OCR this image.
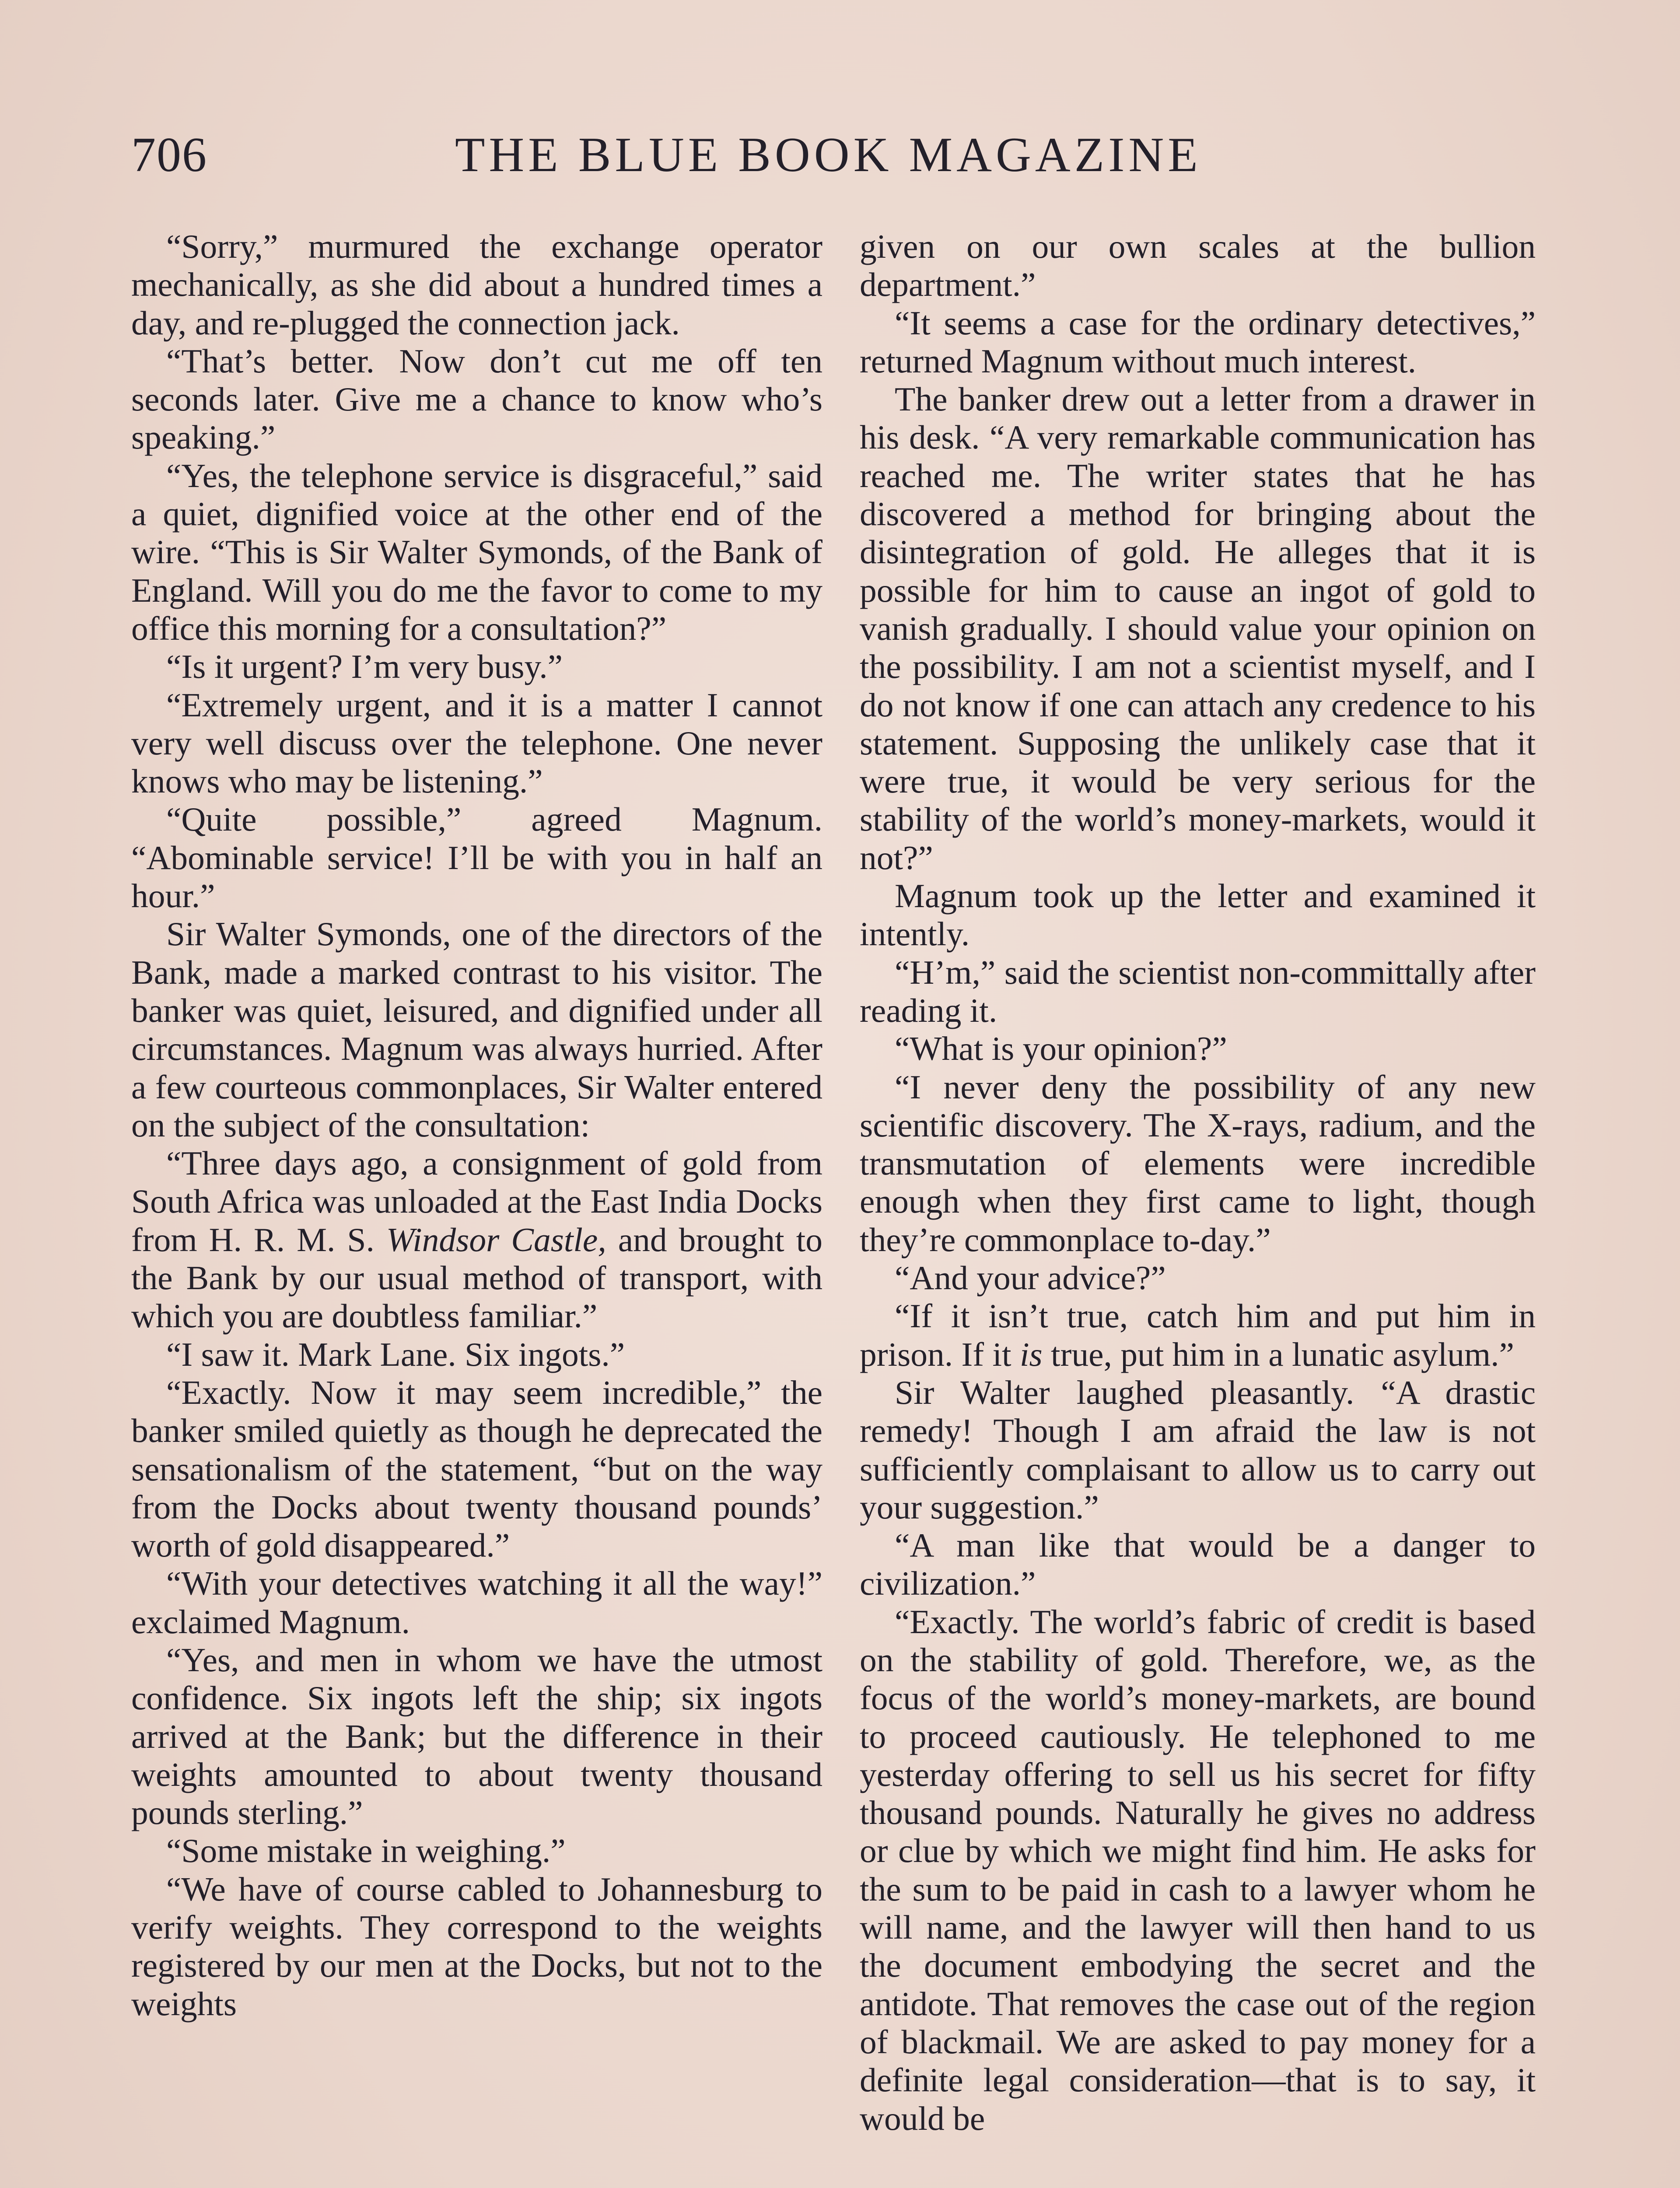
706	THE BLUE BOOK MAGAZINE

“Sorry,” murmured the exchange operator mechanically, as she did about a hundred times a day, and re-plugged the connection jack.

“That’s better. Now don’t cut me off ten seconds later. Give me a chance to know who’s speaking.”

“Yes, the telephone service is disgraceful,” said a quiet, dignified voice at the other end of the wire. “This is Sir Walter Symonds, of the Bank of England. Will you do me the favor to come to my office this morning for a consultation?”

“Is it urgent? I’m very busy.”

“Extremely urgent, and it is a matter I cannot very well discuss over the telephone. One never knows who may be listening.”

“Quite possible,” agreed Magnum. “Abominable service! I’ll be with you in half an hour.”

Sir Walter Symonds, one of the directors of the Bank, made a marked contrast to his visitor. The banker was quiet, leisured, and dignified under all circumstances. Magnum was always hurried. After a few courteous commonplaces, Sir Walter entered on the subject of the consultation:

“Three days ago, a consignment of gold from South Africa was unloaded at the East India Docks from H. R. M. S. Windsor Castle, and brought to the Bank by our usual method of transport, with which you are doubtless familiar.”

“I saw it. Mark Lane. Six ingots.”

“Exactly. Now it may seem incredible,” the banker smiled quietly as though he deprecated the sensationalism of the statement, “but on the way from the Docks about twenty thousand pounds’ worth of gold disappeared.”

“With your detectives watching it all the way!” exclaimed Magnum.

“Yes, and men in whom we have the utmost confidence. Six ingots left the ship; six ingots arrived at the Bank; but the difference in their weights amounted to about twenty thousand pounds sterling.”

“Some mistake in weighing.”

“We have of course cabled to Johannesburg to verify weights. They correspond to the weights registered by our men at the Docks, but not to the weights

given on our own scales at the bullion department.”

“It seems a case for the ordinary detectives,” returned Magnum without much interest.

The banker drew out a letter from a drawer in his desk. “A very remarkable communication has reached me. The writer states that he has discovered a method for bringing about the disintegration of gold. He alleges that it is possible for him to cause an ingot of gold to vanish gradually. I should value your opinion on the possibility. I am not a scientist myself, and I do not know if one can attach any credence to his statement. Supposing the unlikely case that it were true, it would be very serious for the stability of the world’s money-markets, would it not?”

Magnum took up the letter and examined it intently.

“H’m,” said the scientist non-committally after reading it.

“What is your opinion?”

“I never deny the possibility of any new scientific discovery. The X-rays, radium, and the transmutation of elements were incredible enough when they first came to light, though they’re commonplace to-day.”

“And your advice?”

“If it isn’t true, catch him and put him in prison. If it is true, put him in a lunatic asylum.”

Sir Walter laughed pleasantly. “A drastic remedy! Though I am afraid the law is not sufficiently complaisant to allow us to carry out your suggestion.”

“A man like that would be a danger to civilization.”

“Exactly. The world’s fabric of credit is based on the stability of gold. Therefore, we, as the focus of the world’s money-markets, are bound to proceed cautiously. He telephoned to me yesterday offering to sell us his secret for fifty thousand pounds. Naturally he gives no address or clue by which we might find him. He asks for the sum to be paid in cash to a lawyer whom he will name, and the lawyer will then hand to us the document embodying the secret and the antidote. That removes the case out of the region of blackmail. We are asked to pay money for a definite legal consideration—that is to say, it would be
